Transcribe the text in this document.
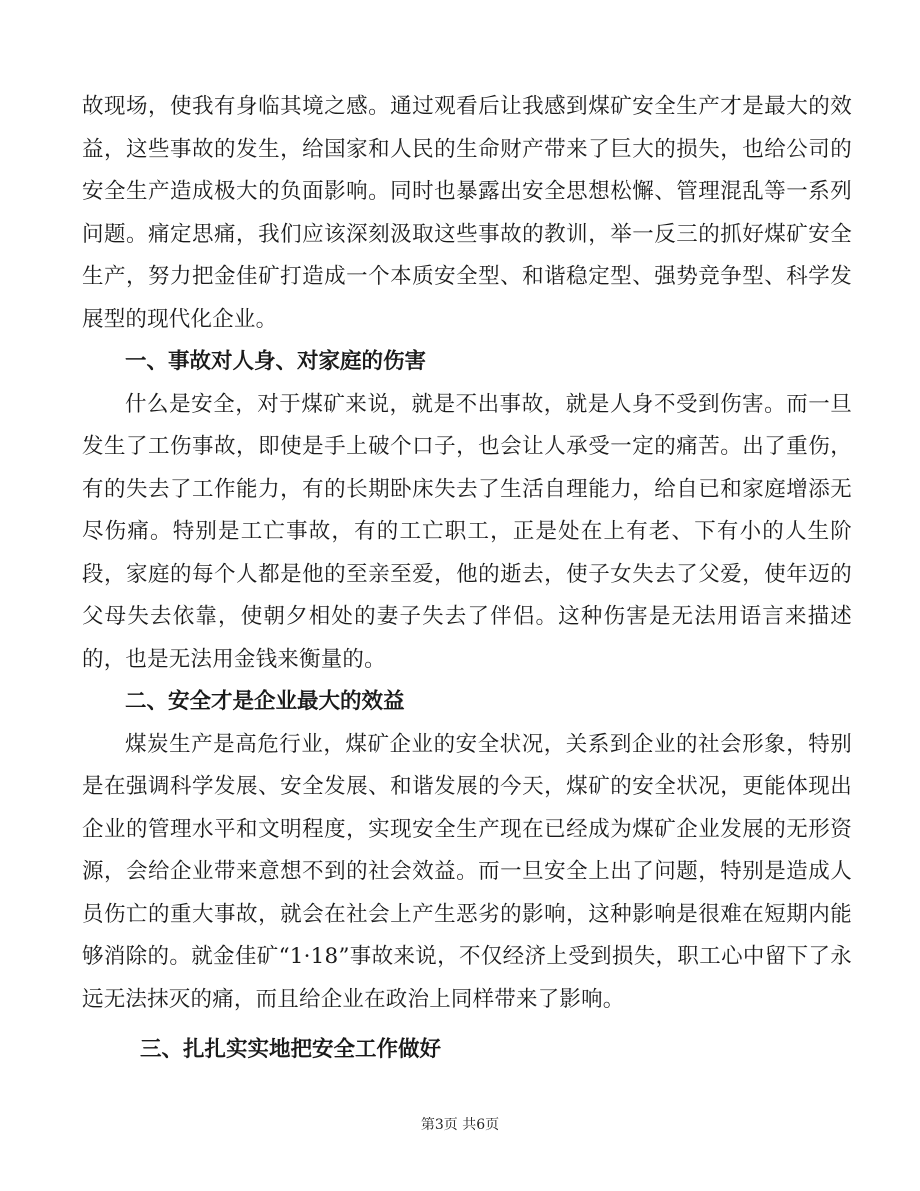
故现场，使我有身临其境之感。通过观看后让我感到煤矿安全生产才是最大的效益，这些事故的发生，给国家和人民的生命财产带来了巨大的损失，也给公司的安全生产造成极大的负面影响。同时也暴露出安全思想松懈、管理混乱等一系列问题。痛定思痛，我们应该深刻汲取这些事故的教训，举一反三的抓好煤矿安全生产，努力把金佳矿打造成一个本质安全型、和谐稳定型、强势竞争型、科学发展型的现代化企业。

一、事故对人身、对家庭的伤害

什么是安全，对于煤矿来说，就是不出事故，就是人身不受到伤害。而一旦发生了工伤事故，即使是手上破个口子，也会让人承受一定的痛苦。出了重伤，有的失去了工作能力，有的长期卧床失去了生活自理能力，给自已和家庭增添无尽伤痛。特别是工亡事故，有的工亡职工，正是处在上有老、下有小的人生阶段，家庭的每个人都是他的至亲至爱，他的逝去，使子女失去了父爱，使年迈的父母失去依靠，使朝夕相处的妻子失去了伴侣。这种伤害是无法用语言来描述的，也是无法用金钱来衡量的。

二、安全才是企业最大的效益

煤炭生产是高危行业，煤矿企业的安全状况，关系到企业的社会形象，特别是在强调科学发展、安全发展、和谐发展的今天，煤矿的安全状况，更能体现出企业的管理水平和文明程度，实现安全生产现在已经成为煤矿企业发展的无形资源，会给企业带来意想不到的社会效益。而一旦安全上出了问题，特别是造成人员伤亡的重大事故，就会在社会上产生恶劣的影响，这种影响是很难在短期内能够消除的。就金佳矿“1·18”事故来说，不仅经济上受到损失，职工心中留下了永远无法抹灭的痛，而且给企业在政治上同样带来了影响。

三、扎扎实实地把安全工作做好
第3页 共6页
